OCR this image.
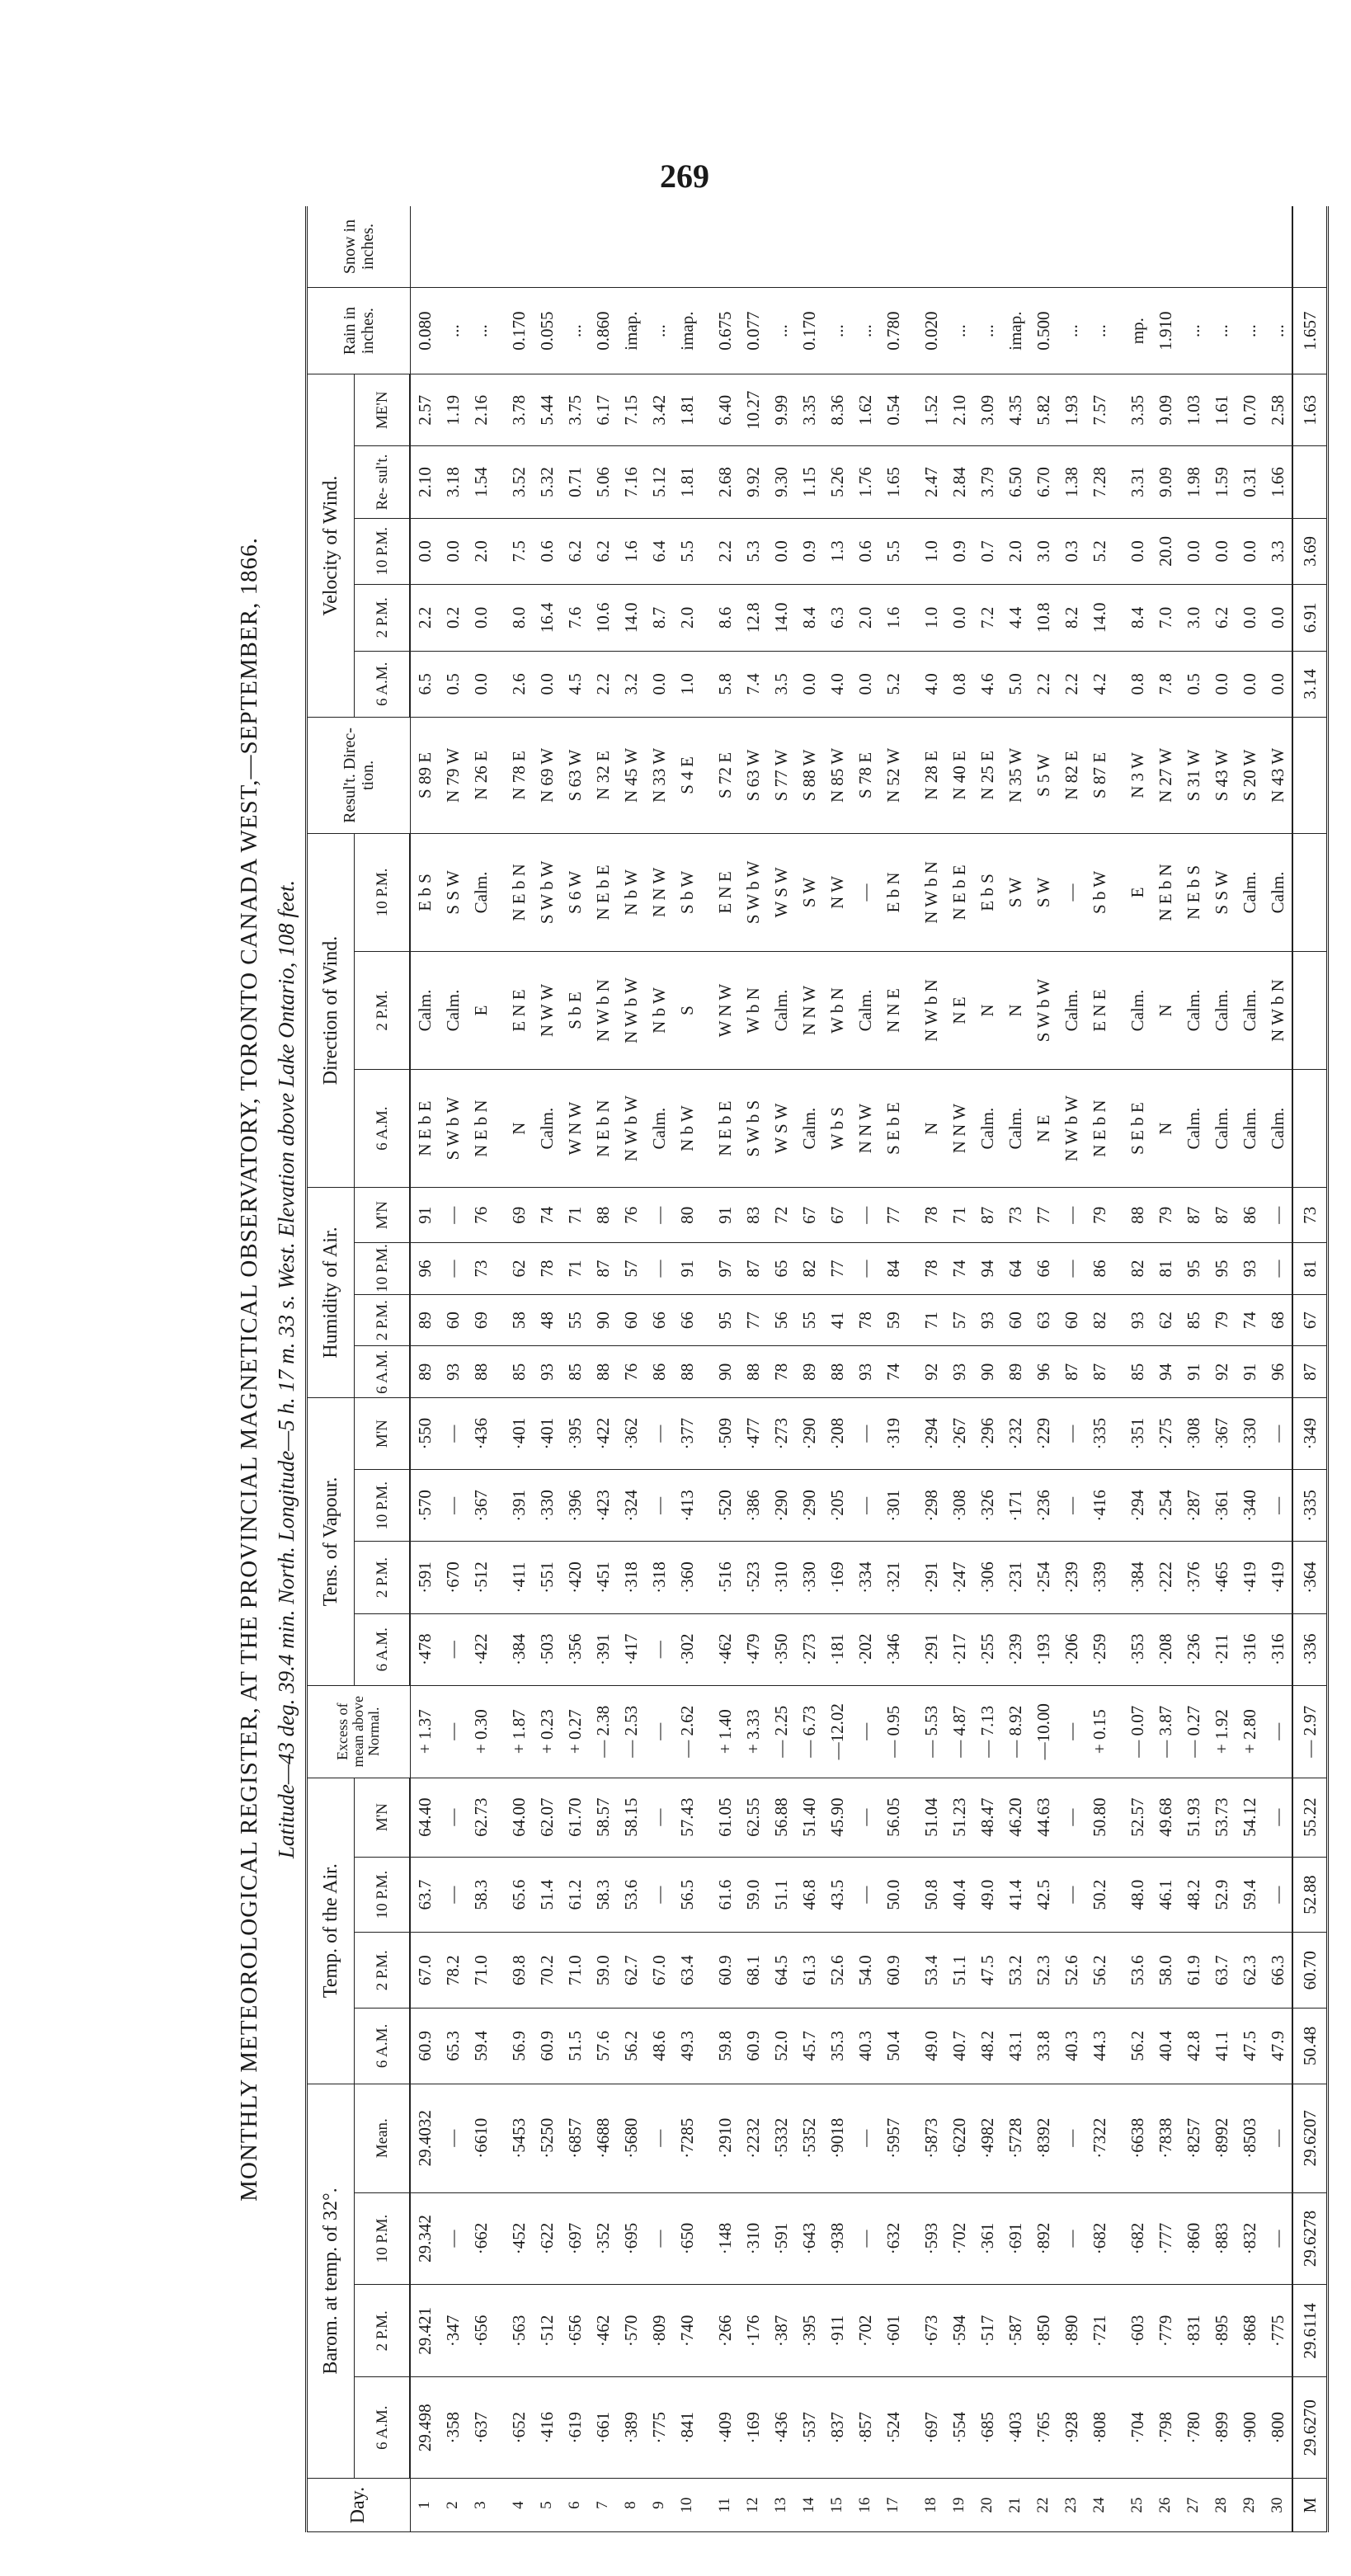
269
MONTHLY METEOROLOGICAL REGISTER, AT THE PROVINCIAL MAGNETICAL OBSERVATORY, TORONTO CANADA WEST,—SEPTEMBER, 1866. Latitude—43 deg. 39.4 min. North. Longitude—5 h. 17 m. 33 s. West. Elevation above Lake Ontario, 108 feet.
Day.	Barom. at temp. of 32°.				Temp. of the Air.				Excess of mean above Normal.	Tens. of Vapour.				Humidity of Air.				Direction of Wind.			Resul't. Direc- tion.	Velocity of Wind.					Rain in inches.	Snow in inches.
	6 A.M.	2 P.M.	10 P.M.	Mean.	6 A.M.	2 P.M.	10 P.M.	M'N		6 A.M.	2 P.M.	10 P.M.	M'N	6 A.M.	2 P.M.	10 P.M.	M'N	6 A.M.	2 P.M.	10 P.M.		6 A.M.	2 P.M.	10 P.M.	Re- sul't.	ME'N		
1	29.498	29.421	29.342	29.4032	60.9	67.0	63.7	64.40	+ 1.37	·478	·591	·570	·550	89	89	96	91	N E b E	Calm.	E b S	S 89 E	6.5	2.2	0.0	2.10	2.57	0.080	
2	·358	·347	—	—	65.3	78.2	—	—	—	—	·670	—	—	93	60	—	—	S W b W	Calm.	S S W	N 79 W	0.5	0.2	0.0	3.18	1.19	...	
3	·637	·656	·662	·6610	59.4	71.0	58.3	62.73	+ 0.30	·422	·512	·367	·436	88	69	73	76	N E b N	E	Calm.	N 26 E	0.0	0.0	2.0	1.54	2.16	...	

4	·652	·563	·452	·5453	56.9	69.8	65.6	64.00	+ 1.87	·384	·411	·391	·401	85	58	62	69	N	E N E	N E b N	N 78 E	2.6	8.0	7.5	3.52	3.78	0.170	
5	·416	·512	·622	·5250	60.9	70.2	51.4	62.07	+ 0.23	·503	·551	·330	·401	93	48	78	74	Calm.	N W W	S W b W	N 69 W	0.0	16.4	0.6	5.32	5.44	0.055	
6	·619	·656	·697	·6857	51.5	71.0	61.2	61.70	+ 0.27	·356	·420	·396	·395	85	55	71	71	W N W	S b E	S 6 W	S 63 W	4.5	7.6	6.2	0.71	3.75	...	
7	·661	·462	·352	·4688	57.6	59.0	58.3	58.57	— 2.38	·391	·451	·423	·422	88	90	87	88	N E b N	N W b N	N E b E	N 32 E	2.2	10.6	6.2	5.06	6.17	0.860	
8	·389	·570	·695	·5680	56.2	62.7	53.6	58.15	— 2.53	·417	·318	·324	·362	76	60	57	76	N W b W	N W b W	N b W	N 45 W	3.2	14.0	1.6	7.16	7.15	imap.	
9	·775	·809	—	—	48.6	67.0	—	—	—	—	·318	—	—	86	66	—	—	Calm.	N b W	N N W	N 33 W	0.0	8.7	6.4	5.12	3.42	...	
10	·841	·740	·650	·7285	49.3	63.4	56.5	57.43	— 2.62	·302	·360	·413	·377	88	66	91	80	N b W	S	S b W	S 4 E	1.0	2.0	5.5	1.81	1.81	imap.	

11	·409	·266	·148	·2910	59.8	60.9	61.6	61.05	+ 1.40	·462	·516	·520	·509	90	95	97	91	N E b E	W N W	E N E	S 72 E	5.8	8.6	2.2	2.68	6.40	0.675	
12	·169	·176	·310	·2232	60.9	68.1	59.0	62.55	+ 3.33	·479	·523	·386	·477	88	77	87	83	S W b S	W b N	S W b W	S 63 W	7.4	12.8	5.3	9.92	10.27	0.077	
13	·436	·387	·591	·5332	52.0	64.5	51.1	56.88	— 2.25	·350	·310	·290	·273	78	56	65	72	W S W	Calm.	W S W	S 77 W	3.5	14.0	0.0	9.30	9.99	...	
14	·537	·395	·643	·5352	45.7	61.3	46.8	51.40	— 6.73	·273	·330	·290	·290	89	55	82	67	Calm.	N N W	S W	S 88 W	0.0	8.4	0.9	1.15	3.35	0.170	
15	·837	·911	·938	·9018	35.3	52.6	43.5	45.90	—12.02	·181	·169	·205	·208	88	41	77	67	W b S	W b N	N W	N 85 W	4.0	6.3	1.3	5.26	8.36	...	
16	·857	·702	—	—	40.3	54.0	—	—	—	·202	·334	—	—	93	78	—	—	N N W	Calm.	—	S 78 E	0.0	2.0	0.6	1.76	1.62	...	
17	·524	·601	·632	·5957	50.4	60.9	50.0	56.05	— 0.95	·346	·321	·301	·319	74	59	84	77	S E b E	N N E	E b N	N 52 W	5.2	1.6	5.5	1.65	0.54	0.780	

18	·697	·673	·593	·5873	49.0	53.4	50.8	51.04	— 5.53	·291	·291	·298	·294	92	71	78	78	N	N W b N	N W b N	N 28 E	4.0	1.0	1.0	2.47	1.52	0.020	
19	·554	·594	·702	·6220	40.7	51.1	40.4	51.23	— 4.87	·217	·247	·308	·267	93	57	74	71	N N W	N E	N E b E	N 40 E	0.8	0.0	0.9	2.84	2.10	...	
20	·685	·517	·361	·4982	48.2	47.5	49.0	48.47	— 7.13	·255	·306	·326	·296	90	93	94	87	Calm.	N	E b S	N 25 E	4.6	7.2	0.7	3.79	3.09	...	
21	·403	·587	·691	·5728	43.1	53.2	41.4	46.20	— 8.92	·239	·231	·171	·232	89	60	64	73	Calm.	N	S W	N 35 W	5.0	4.4	2.0	6.50	4.35	imap.	
22	·765	·850	·892	·8392	33.8	52.3	42.5	44.63	—10.00	·193	·254	·236	·229	96	63	66	77	N E	S W b W	S W	S 5 W	2.2	10.8	3.0	6.70	5.82	0.500	
23	·928	·890	—	—	40.3	52.6	—	—	—	·206	·239	—	—	87	60	—	—	N W b W	Calm.	—	N 82 E	2.2	8.2	0.3	1.38	1.93	...	
24	·808	·721	·682	·7322	44.3	56.2	50.2	50.80	+ 0.15	·259	·339	·416	·335	87	82	86	79	N E b N	E N E	S b W	S 87 E	4.2	14.0	5.2	7.28	7.57	...	

25	·704	·603	·682	·6638	56.2	53.6	48.0	52.57	— 0.07	·353	·384	·294	·351	85	93	82	88	S E b E	Calm.	E	N 3 W	0.8	8.4	0.0	3.31	3.35	mp.	
26	·798	·779	·777	·7838	40.4	58.0	46.1	49.68	— 3.87	·208	·222	·254	·275	94	62	81	79	N	N	N E b N	N 27 W	7.8	7.0	20.0	9.09	9.09	1.910	
27	·780	·831	·860	·8257	42.8	61.9	48.2	51.93	— 0.27	·236	·376	·287	·308	91	85	95	87	Calm.	Calm.	N E b S	S 31 W	0.5	3.0	0.0	1.98	1.03	...	
28	·899	·895	·883	·8992	41.1	63.7	52.9	53.73	+ 1.92	·211	·465	·361	·367	92	79	95	87	Calm.	Calm.	S S W	S 43 W	0.0	6.2	0.0	1.59	1.61	...	
29	·900	·868	·832	·8503	47.5	62.3	59.4	54.12	+ 2.80	·316	·419	·340	·330	91	74	93	86	Calm.	Calm.	Calm.	S 20 W	0.0	0.0	0.0	0.31	0.70	...	
30	·800	·775	—	—	47.9	66.3	—	—	—	·316	·419	—	—	96	68	—	—	Calm.	N W b N	Calm.	N 43 W	0.0	0.0	3.3	1.66	2.58	...	
M	29.6270	29.6114	29.6278	29.6207	50.48	60.70	52.88	55.22	— 2.97	·336	·364	·335	·349	87	67	81	73					3.14	6.91	3.69		1.63	1.657	
